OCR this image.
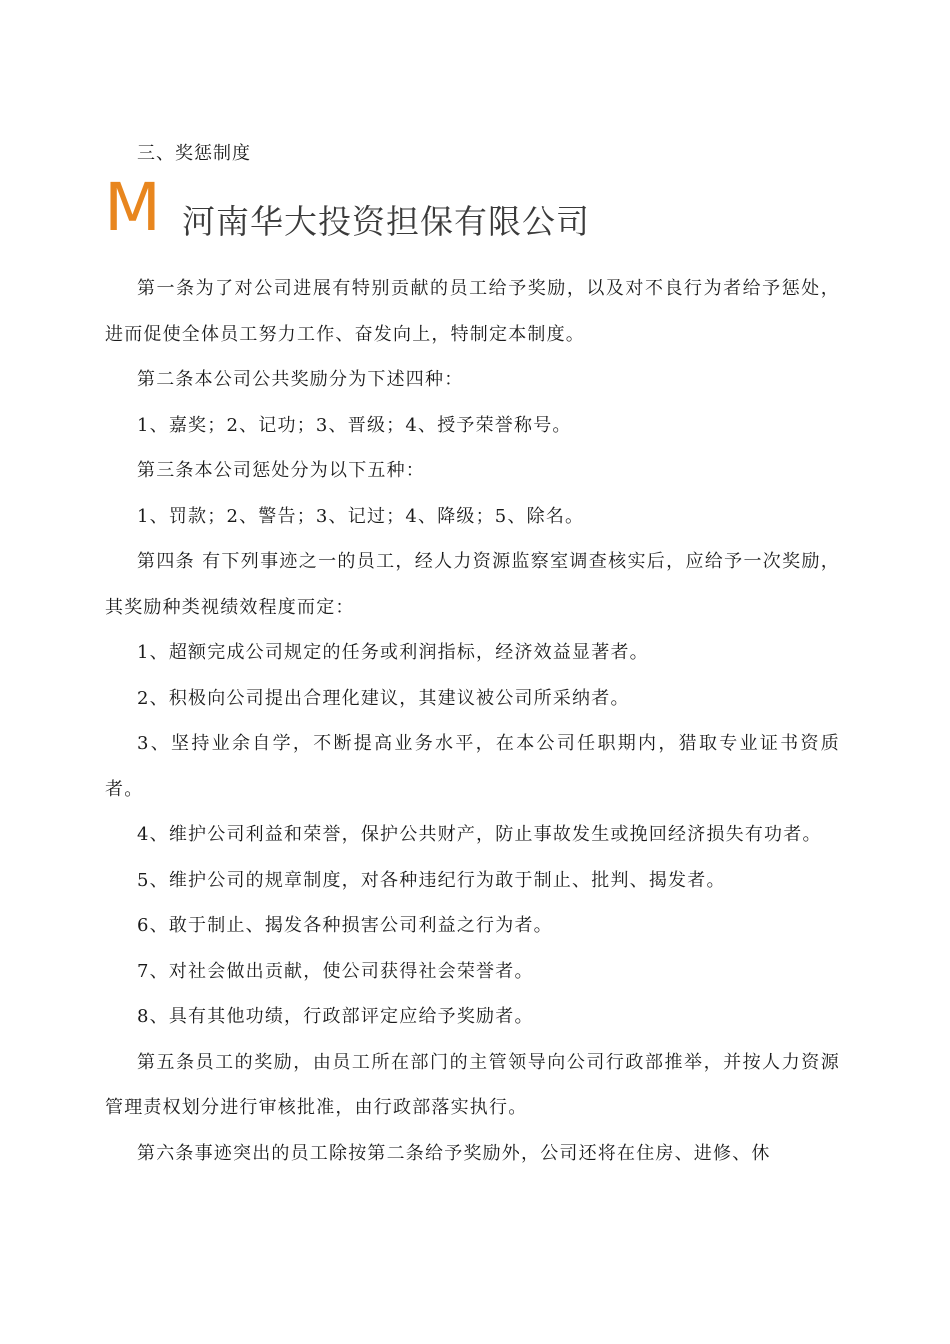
三、奖惩制度
M 河南华大投资担保有限公司

第一条为了对公司进展有特别贡献的员工给予奖励，以及对不良行为者给予惩处，进而促使全体员工努力工作、奋发向上，特制定本制度。

第二条本公司公共奖励分为下述四种：

1、嘉奖；2、记功；3、晋级；4、授予荣誉称号。

第三条本公司惩处分为以下五种：

1、罚款；2、警告；3、记过；4、降级；5、除名。

第四条 有下列事迹之一的员工，经人力资源监察室调查核实后，应给予一次奖励，其奖励种类视绩效程度而定：

1、超额完成公司规定的任务或利润指标，经济效益显著者。

2、积极向公司提出合理化建议，其建议被公司所采纳者。

3、坚持业余自学，不断提高业务水平，在本公司任职期内，猎取专业证书资质者。

4、维护公司利益和荣誉，保护公共财产，防止事故发生或挽回经济损失有功者。

5、维护公司的规章制度，对各种违纪行为敢于制止、批判、揭发者。

6、敢于制止、揭发各种损害公司利益之行为者。

7、对社会做出贡献，使公司获得社会荣誉者。

8、具有其他功绩，行政部评定应给予奖励者。

第五条员工的奖励，由员工所在部门的主管领导向公司行政部推举，并按人力资源管理责权划分进行审核批准，由行政部落实执行。

第六条事迹突出的员工除按第二条给予奖励外，公司还将在住房、进修、休
